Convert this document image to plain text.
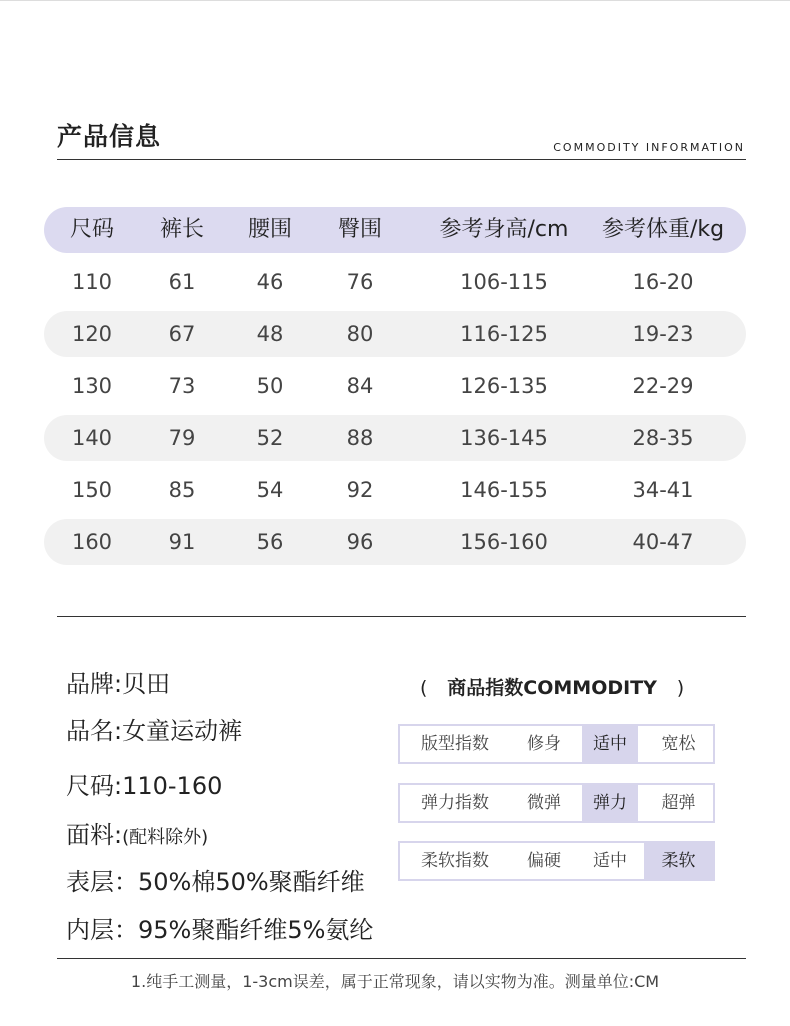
产品信息	COMMODITY INFORMATION
尺码	裤长	腰围	臀围	参考身高/cm	参考体重/kg
110	61	46	76	106-115	16-20
120	67	48	80	116-125	19-23
130	73	50	84	126-135	22-29
140	79	52	88	136-145	28-35
150	85	54	92	146-155	34-41
160	91	56	96	156-160	40-47
品牌:贝田
品名:女童运动裤
尺码:110-160
面料:(配料除外)
表层：50%棉50%聚酯纤维
内层：95%聚酯纤维5%氨纶
( 商品指数COMMODITY )
版型指数	修身	适中	宽松
弹力指数	微弹	弹力	超弹
柔软指数	偏硬	适中	柔软
1.纯手工测量，1-3cm误差，属于正常现象，请以实物为准。测量单位:CM
